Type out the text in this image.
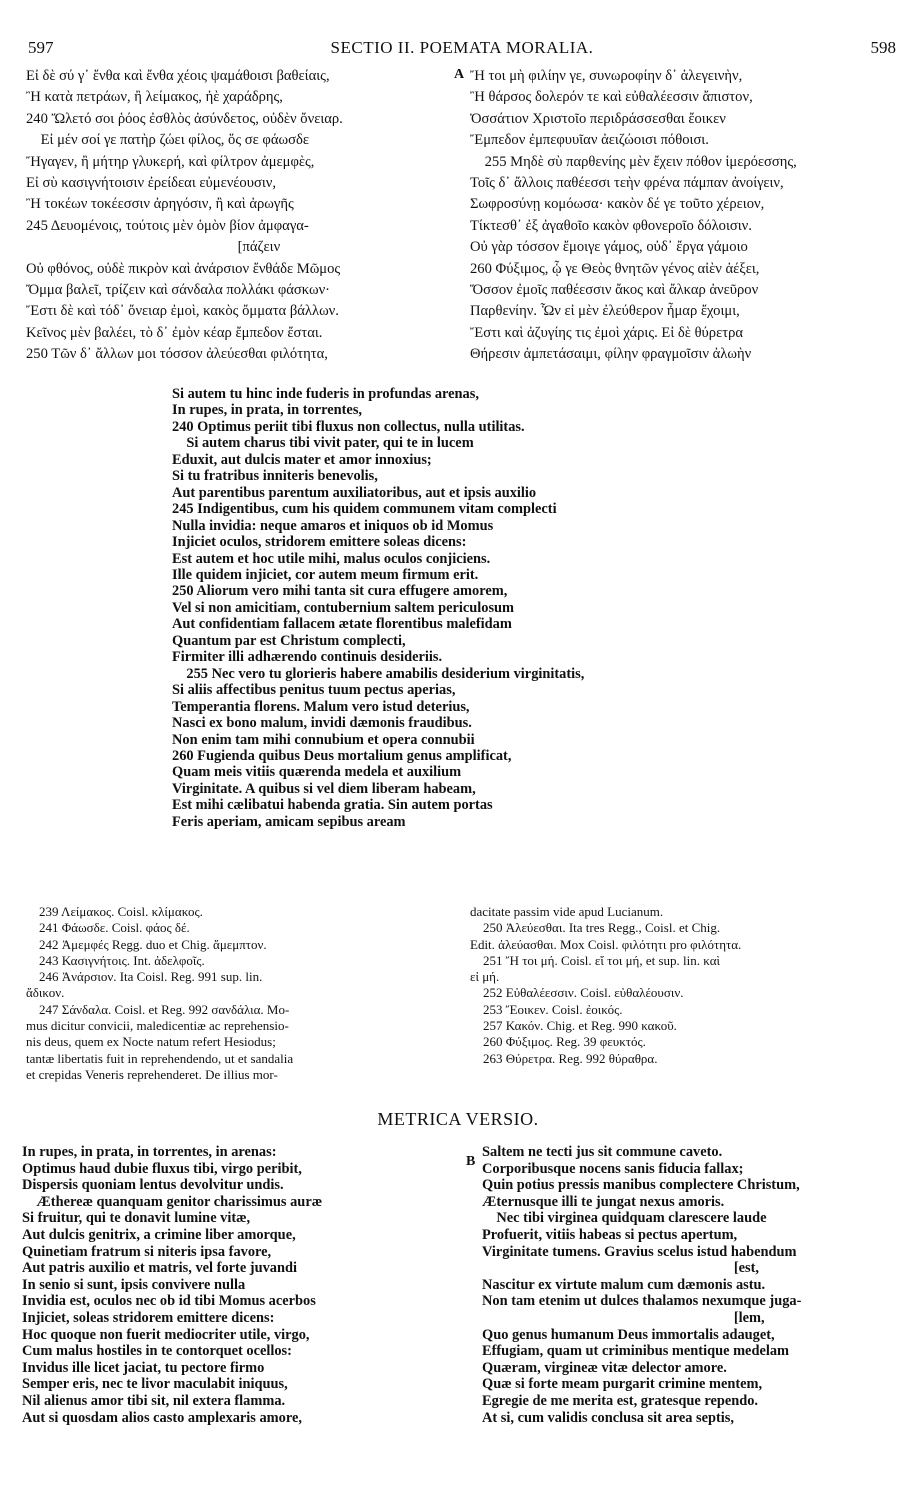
597	SECTIO II. POEMATA MORALIA.	598
A
B
Εἰ δὲ σύ γ᾽ ἔνθα καὶ ἔνθα χέοις ψαμάθοισι βαθείαις,
Ἢ κατὰ πετράων, ἢ λείμακος, ἠὲ χαράδρης,
240 Ὤλετό σοι ῥόος ἐσθλὸς ἀσύνδετος, οὐδὲν ὄνειαρ.
Εἰ μέν σοί γε πατὴρ ζώει φίλος, ὅς σε φάωσδε
Ἤγαγεν, ἢ μήτηρ γλυκερή, καὶ φίλτρον ἀμεμφὲς,
Εἰ σὺ κασιγνήτοισιν ἐρείδεαι εὐμενέουσιν,
Ἢ τοκέων τοκέεσσιν ἀρηγόσιν, ἢ καὶ ἀρωγῆς
245 Δευομένοις, τούτοις μὲν ὁμὸν βίον ἀμφαγα-
[πάζειν
Οὐ φθόνος, οὐδὲ πικρὸν καὶ ἀνάρσιον ἔνθάδε Μῶμος
Ὄμμα βαλεῖ, τρίζειν καὶ σάνδαλα πολλάκι φάσκων·
Ἔστι δὲ καὶ τόδ᾽ ὄνειαρ ἐμοὶ, κακὸς ὄμματα βάλλων.
Κεῖνος μὲν βαλέει, τὸ δ᾽ ἐμὸν κέαρ ἔμπεδον ἔσται.
250 Τῶν δ᾽ ἄλλων μοι τόσσον ἀλεύεσθαι φιλότητα,
Ἤ τοι μὴ φιλίην γε, συνωροφίην δ᾽ ἀλεγεινὴν,
Ἢ θάρσος δολερόν τε καὶ εὐθαλέεσσιν ἄπιστον,
Ὀσσάτιον Χριστοῖο περιδράσσεσθαι ἔοικεν
Ἔμπεδον ἐμπεφυυῖαν ἀειζώοισι πόθοισι.
255 Μηδὲ σὺ παρθενίης μὲν ἔχειν πόθον ἱμερόεσσης,
Τοῖς δ᾽ ἄλλοις παθέεσσι τεὴν φρένα πάμπαν ἀνοίγειν,
Σωφροσύνῃ κομόωσα· κακὸν δέ γε τοῦτο χέρειον,
Τίκτεσθ᾽ ἐξ ἀγαθοῖο κακὸν φθονεροῖο δόλοισιν.
Οὐ γὰρ τόσσον ἔμοιγε γάμος, οὐδ᾽ ἔργα γάμοιο
260 Φύξιμος, ᾧ γε Θεὸς θνητῶν γένος αἰὲν ἀέξει,
Ὅσσον ἐμοῖς παθέεσσιν ἄκος καὶ ἄλκαρ ἀνεῦρον
Παρθενίην. Ὧν εἰ μὲν ἐλεύθερον ἦμαρ ἔχοιμι,
Ἔστι καὶ ἀζυγίης τις ἐμοὶ χάρις. Εἰ δὲ θύρετρα
Θήρεσιν ἀμπετάσαιμι, φίλην φραγμοῖσιν ἀλωὴν
Si autem tu hinc inde fuderis in profundas arenas,
In rupes, in prata, in torrentes,
240 Optimus periit tibi fluxus non collectus, nulla utilitas.
Si autem charus tibi vivit pater, qui te in lucem
Eduxit, aut dulcis mater et amor innoxius;
Si tu fratribus inniteris benevolis,
Aut parentibus parentum auxiliatoribus, aut et ipsis auxilio
245 Indigentibus, cum his quidem communem vitam complecti
Nulla invidia: neque amaros et iniquos ob id Momus
Injiciet oculos, stridorem emittere soleas dicens:
Est autem et hoc utile mihi, malus oculos conjiciens.
Ille quidem injiciet, cor autem meum firmum erit.
250 Aliorum vero mihi tanta sit cura effugere amorem,
Vel si non amicitiam, contubernium saltem periculosum
Aut confidentiam fallacem ætate florentibus malefidam
Quantum par est Christum complecti,
Firmiter illi adhærendo continuis desideriis.
255 Nec vero tu glorieris habere amabilis desiderium virginitatis,
Si aliis affectibus penitus tuum pectus aperias,
Temperantia florens. Malum vero istud deterius,
Nasci ex bono malum, invidi dæmonis fraudibus.
Non enim tam mihi connubium et opera connubii
260 Fugienda quibus Deus mortalium genus amplificat,
Quam meis vitiis quærenda medela et auxilium
Virginitate. A quibus si vel diem liberam habeam,
Est mihi cælibatui habenda gratia. Sin autem portas
Feris aperiam, amicam sepibus aream
239 Λείμακος. Coisl. κλίμακος.
241 Φάωσδε. Coisl. φάος δέ.
242 Ἀμεμφές Regg. duo et Chig. ἄμεμπτον.
243 Κασιγνήτοις. Int. ἀδελφοῖς.
246 Ἀνάρσιον. Ita Coisl. Reg. 991 sup. lin.
ἄδικον.
247 Σάνδαλα. Coisl. et Reg. 992 σανδάλια. Mo-
mus dicitur convicii, maledicentiæ ac reprehensio-
nis deus, quem ex Nocte natum refert Hesiodus;
tantæ libertatis fuit in reprehendendo, ut et sandalia
et crepidas Veneris reprehenderet. De illius mor-
dacitate passim vide apud Lucianum.
250 Ἀλεύεσθαι. Ita tres Regg., Coisl. et Chig.
Edit. ἀλεύασθαι. Mox Coisl. φιλότητι pro φιλότητα.
251 Ἤ τοι μή. Coisl. εἴ τοι μή, et sup. lin. καὶ
εἰ μή.
252 Εὐθαλέεσσιν. Coisl. εὐθαλέουσιν.
253 Ἔοικεν. Coisl. ἐοικός.
257 Κακόν. Chig. et Reg. 990 κακοῦ.
260 Φύξιμος. Reg. 39 φευκτός.
263 Θύρετρα. Reg. 992 θύραθρα.
METRICA VERSIO.
In rupes, in prata, in torrentes, in arenas:
Optimus haud dubie fluxus tibi, virgo peribit,
Dispersis quoniam lentus devolvitur undis.
Æthereæ quanquam genitor charissimus auræ
Si fruitur, qui te donavit lumine vitæ,
Aut dulcis genitrix, a crimine liber amorque,
Quinetiam fratrum si niteris ipsa favore,
Aut patris auxilio et matris, vel forte juvandi
In senio si sunt, ipsis convivere nulla
Invidia est, oculos nec ob id tibi Momus acerbos
Injiciet, soleas stridorem emittere dicens:
Hoc quoque non fuerit mediocriter utile, virgo,
Cum malus hostiles in te contorquet ocellos:
Invidus ille licet jaciat, tu pectore firmo
Semper eris, nec te livor maculabit iniquus,
Nil alienus amor tibi sit, nil extera flamma.
Aut si quosdam alios casto amplexaris amore,
Saltem ne tecti jus sit commune caveto.
Corporibusque nocens sanis fiducia fallax;
Quin potius pressis manibus complectere Christum,
Æternusque illi te jungat nexus amoris.
Nec tibi virginea quidquam clarescere laude
Profuerit, vitiis habeas si pectus apertum,
Virginitate tumens. Gravius scelus istud habendum
[est,
Nascitur ex virtute malum cum dæmonis astu.
Non tam etenim ut dulces thalamos nexumque juga-
[lem,
Quo genus humanum Deus immortalis adauget,
Effugiam, quam ut criminibus mentique medelam
Quæram, virgineæ vitæ delector amore.
Quæ si forte meam purgarit crimine mentem,
Egregie de me merita est, gratesque rependo.
At si, cum validis conclusa sit area septis,
